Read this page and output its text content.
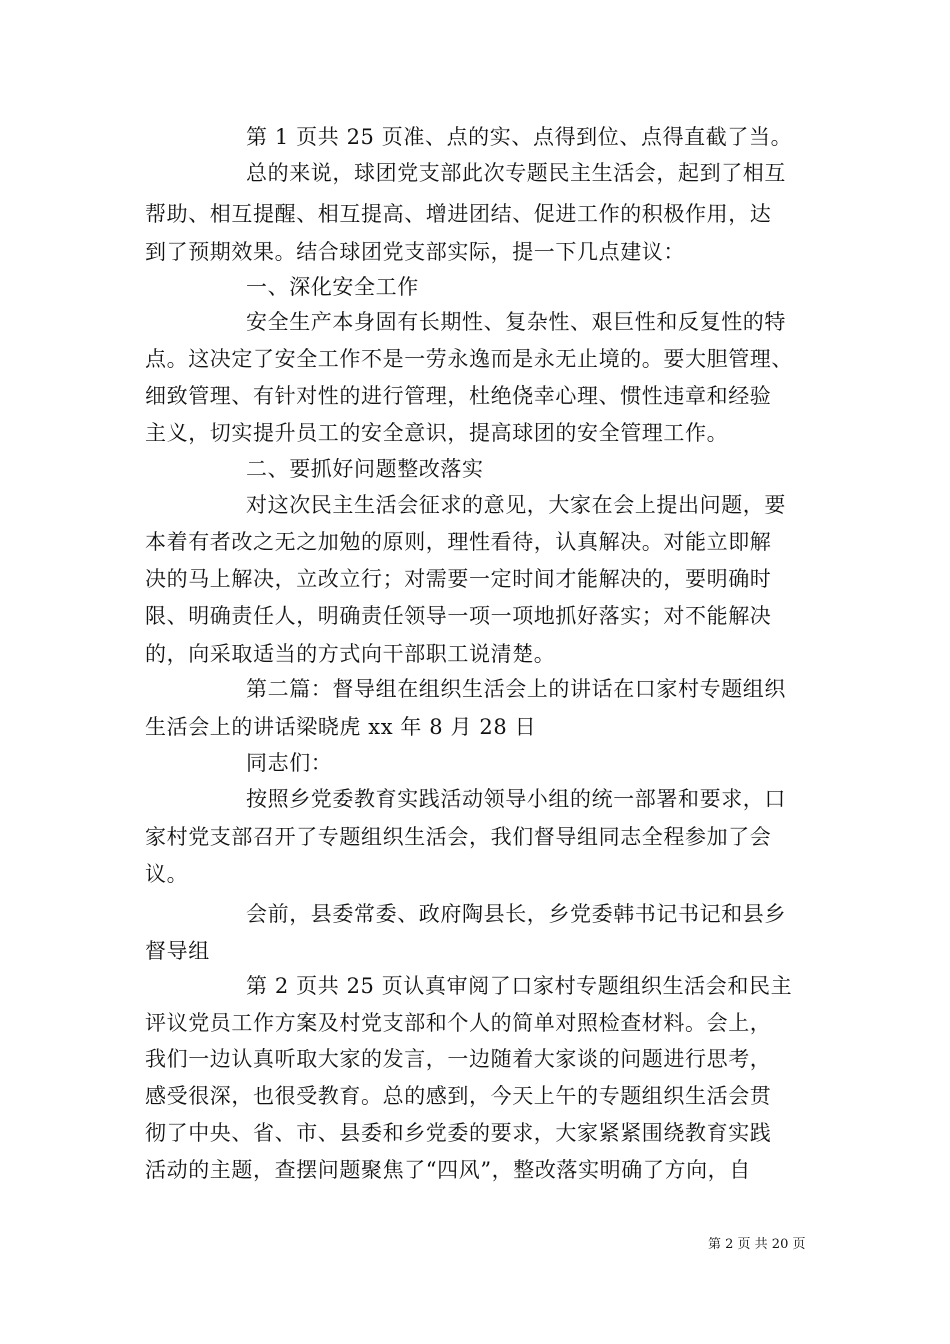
第 1 页共 25 页准、点的实、点得到位、点得直截了当。
总的来说，球团党支部此次专题民主生活会，起到了相互
帮助、相互提醒、相互提高、增进团结、促进工作的积极作用，达
到了预期效果。结合球团党支部实际，提一下几点建议：
一、深化安全工作
安全生产本身固有长期性、复杂性、艰巨性和反复性的特
点。这决定了安全工作不是一劳永逸而是永无止境的。要大胆管理、
细致管理、有针对性的进行管理，杜绝侥幸心理、惯性违章和经验
主义，切实提升员工的安全意识，提高球团的安全管理工作。
二、要抓好问题整改落实
对这次民主生活会征求的意见，大家在会上提出问题，要
本着有者改之无之加勉的原则，理性看待，认真解决。对能立即解
决的马上解决，立改立行；对需要一定时间才能解决的，要明确时
限、明确责任人，明确责任领导一项一项地抓好落实；对不能解决
的，向采取适当的方式向干部职工说清楚。
第二篇：督导组在组织生活会上的讲话在口家村专题组织
生活会上的讲话梁晓虎 xx 年 8 月 28 日
同志们：
按照乡党委教育实践活动领导小组的统一部署和要求，口
家村党支部召开了专题组织生活会，我们督导组同志全程参加了会
议。
会前，县委常委、政府陶县长，乡党委韩书记书记和县乡
督导组
第 2 页共 25 页认真审阅了口家村专题组织生活会和民主
评议党员工作方案及村党支部和个人的简单对照检查材料。会上，
我们一边认真听取大家的发言，一边随着大家谈的问题进行思考，
感受很深，也很受教育。总的感到，今天上午的专题组织生活会贯
彻了中央、省、市、县委和乡党委的要求，大家紧紧围绕教育实践
活动的主题，查摆问题聚焦了“四风”，整改落实明确了方向，自
第 2 页 共 20 页
